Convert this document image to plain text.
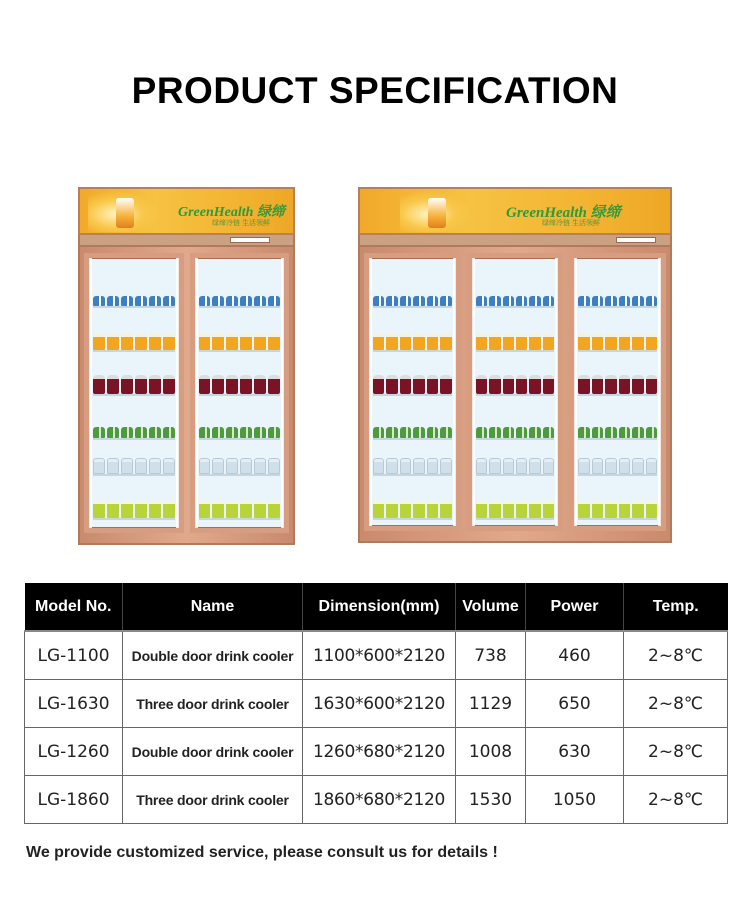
PRODUCT SPECIFICATION
GreenHealth 绿缔
绿缔冷链 生活领鲜
GreenHealth 绿缔
绿缔冷链 生活领鲜
Model No.	Name	Dimension(mm)	Volume	Power	Temp.
LG-1100	Double door drink cooler	1100*600*2120	738	460	2~8℃
LG-1630	Three door drink cooler	1630*600*2120	1129	650	2~8℃
LG-1260	Double door drink cooler	1260*680*2120	1008	630	2~8℃
LG-1860	Three door drink cooler	1860*680*2120	1530	1050	2~8℃
We provide customized service, please consult us for details !
